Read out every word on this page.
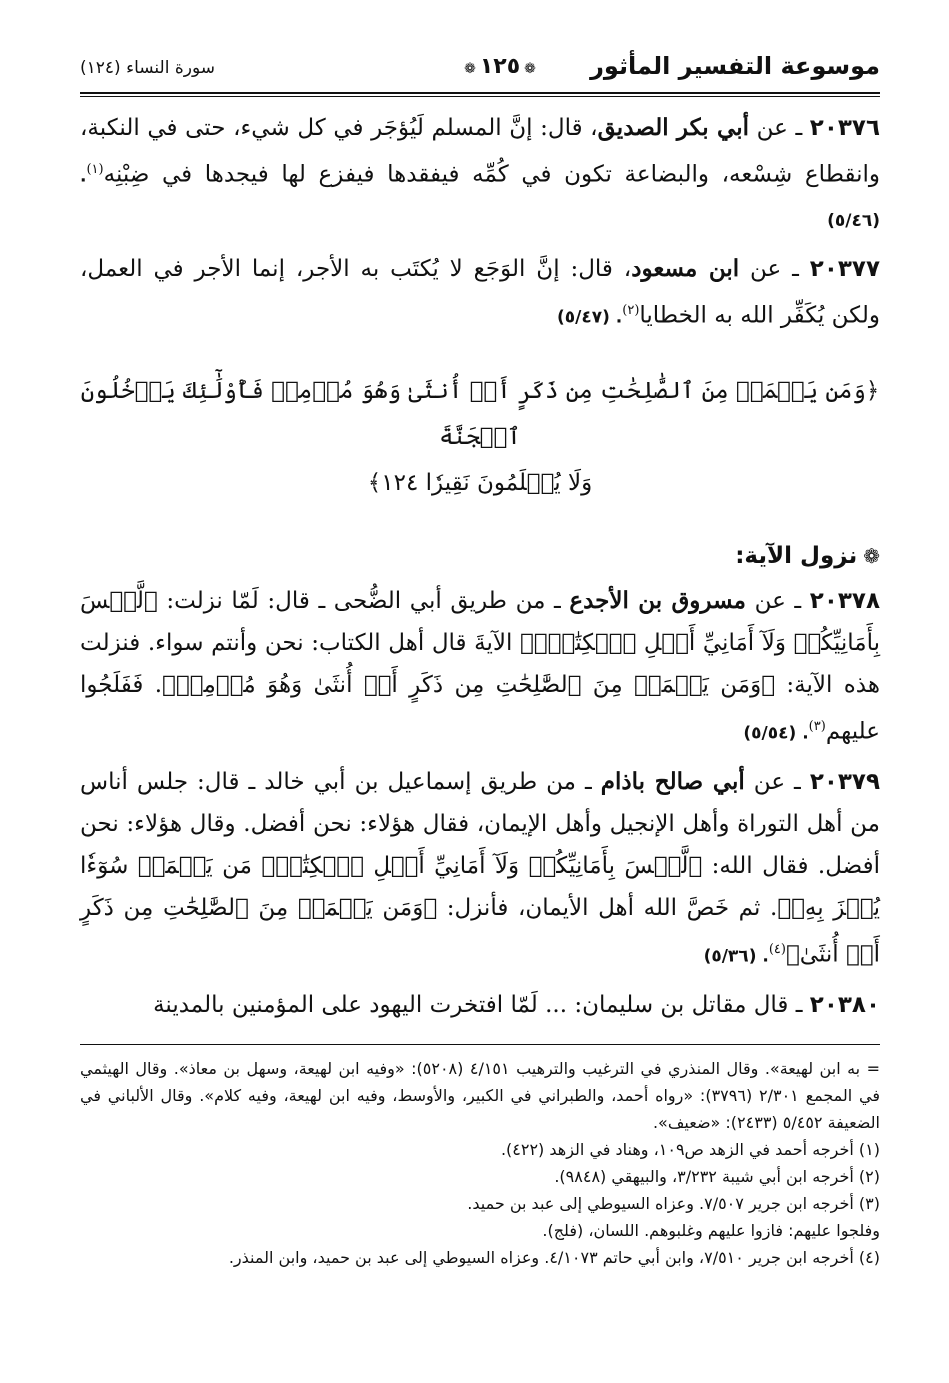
موسوعة التفسير المأثور
❁١٢٥❁
سورة النساء (١٢٤)

٢٠٣٧٦ ـ عن أبي بكر الصديق، قال: إنَّ المسلم لَيُؤجَر في كل شيء، حتى في النكبة، وانقطاع شِسْعه، والبضاعة تكون في كُمِّه فيفقدها فيفزع لها فيجدها في ضِبْنِه$^{(١)}$. (٥/٤٦)

٢٠٣٧٧ ـ عن ابن مسعود، قال: إنَّ الوَجَع لا يُكتَب به الأجر، إنما الأجر في العمل، ولكن يُكَفِّر الله به الخطايا$^{(٢)}$. (٥/٤٧)

﴿وَمَن يَعۡمَلۡ مِنَ ٱلصَّٰلِحَٰتِ مِن ذَكَرٍ أَوۡ أُنثَىٰ وَهُوَ مُؤۡمِنٞ فَأُوْلَٰٓئِكَ يَدۡخُلُونَ ٱلۡجَنَّةَ
وَلَا يُظۡلَمُونَ نَقِيرٗا ١٢٤﴾
❁نزول الآية:

٢٠٣٧٨ ـ عن مسروق بن الأجدع ـ من طريق أبي الضُّحى ـ قال: لَمّا نزلت: ﴿لَّيۡسَ بِأَمَانِيِّكُمۡ وَلَآ أَمَانِيِّ أَهۡلِ ٱلۡكِتَٰبِۗ﴾ الآيةَ قال أهل الكتاب: نحن وأنتم سواء. فنزلت هذه الآية: ﴿وَمَن يَعۡمَلۡ مِنَ ٱلصَّٰلِحَٰتِ مِن ذَكَرٍ أَوۡ أُنثَىٰ وَهُوَ مُؤۡمِنٞ﴾. فَفَلَجُوا عليهم$^{(٣)}$. (٥/٥٤)

٢٠٣٧٩ ـ عن أبي صالح باذام ـ من طريق إسماعيل بن أبي خالد ـ قال: جلس أناس من أهل التوراة وأهل الإنجيل وأهل الإيمان، فقال هؤلاء: نحن أفضل. وقال هؤلاء: نحن أفضل. فقال الله: ﴿لَّيۡسَ بِأَمَانِيِّكُمۡ وَلَآ أَمَانِيِّ أَهۡلِ ٱلۡكِتَٰبِۗ مَن يَعۡمَلۡ سُوٓءٗا يُجۡزَ بِهِۦ﴾. ثم خَصَّ الله أهل الأيمان، فأنزل: ﴿وَمَن يَعۡمَلۡ مِنَ ٱلصَّٰلِحَٰتِ مِن ذَكَرٍ أَوۡ أُنثَىٰ﴾$^{(٤)}$. (٥/٣٦)

٢٠٣٨٠ ـ قال مقاتل بن سليمان: ... لَمّا افتخرت اليهود على المؤمنين بالمدينة

= به ابن لهيعة». وقال المنذري في الترغيب والترهيب ٤/١٥١ (٥٢٠٨): «وفيه ابن لهيعة، وسهل بن معاذ». وقال الهيثمي في المجمع ٢/٣٠١ (٣٧٩٦): «رواه أحمد، والطبراني في الكبير، والأوسط، وفيه ابن لهيعة، وفيه كلام». وقال الألباني في الضعيفة ٥/٤٥٢ (٢٤٣٣): «ضعيف».

(١) أخرجه أحمد في الزهد ص١٠٩، وهناد في الزهد (٤٢٢).

(٢) أخرجه ابن أبي شيبة ٣/٢٣٢، والبيهقي (٩٨٤٨).

(٣) أخرجه ابن جرير ٧/٥٠٧. وعزاه السيوطي إلى عبد بن حميد.

وفلجوا عليهم: فازوا عليهم وغلبوهم. اللسان، (فلج).

(٤) أخرجه ابن جرير ٧/٥١٠، وابن أبي حاتم ٤/١٠٧٣. وعزاه السيوطي إلى عبد بن حميد، وابن المنذر.
